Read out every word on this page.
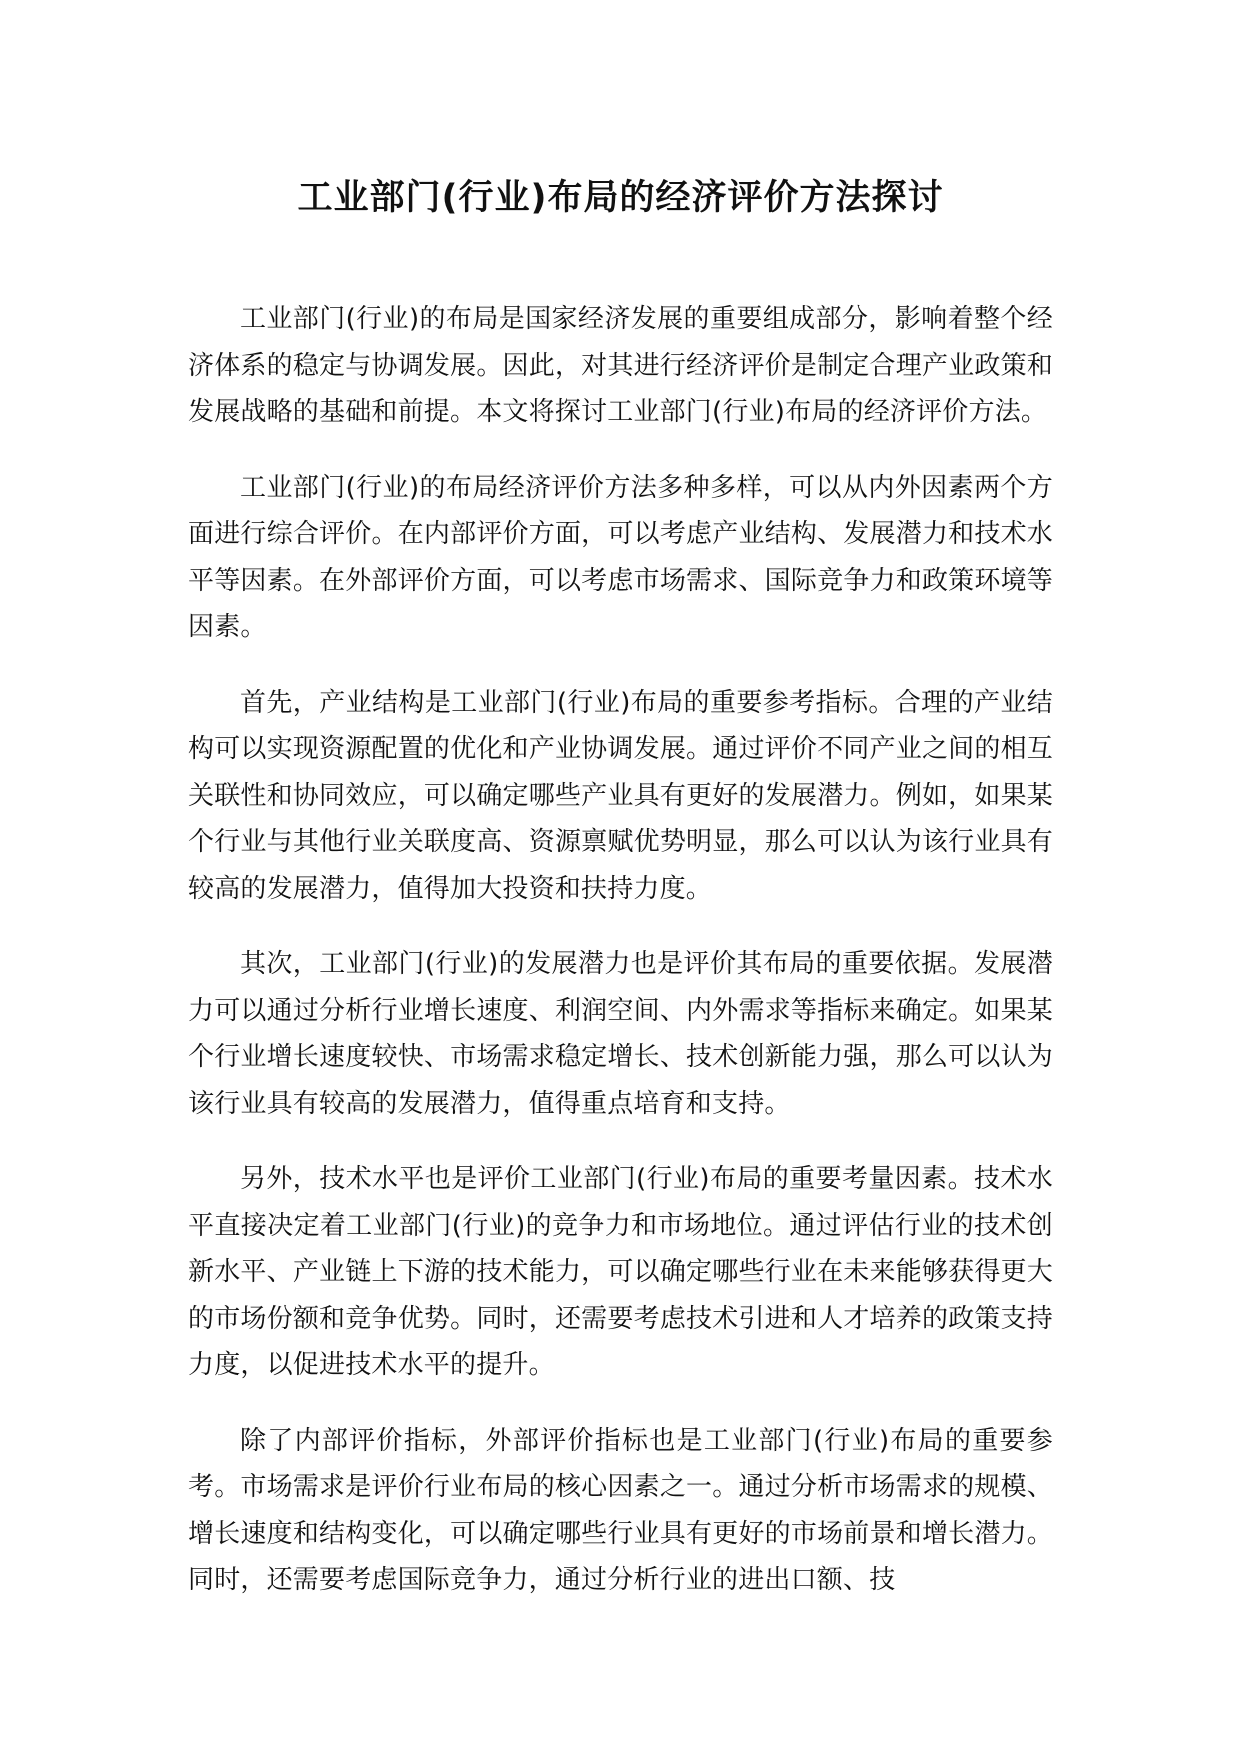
工业部门(行业)布局的经济评价方法探讨

工业部门(行业)的布局是国家经济发展的重要组成部分，影响着整个经济体系的稳定与协调发展。因此，对其进行经济评价是制定合理产业政策和发展战略的基础和前提。本文将探讨工业部门(行业)布局的经济评价方法。

工业部门(行业)的布局经济评价方法多种多样，可以从内外因素两个方面进行综合评价。在内部评价方面，可以考虑产业结构、发展潜力和技术水平等因素。在外部评价方面，可以考虑市场需求、国际竞争力和政策环境等因素。

首先，产业结构是工业部门(行业)布局的重要参考指标。合理的产业结构可以实现资源配置的优化和产业协调发展。通过评价不同产业之间的相互关联性和协同效应，可以确定哪些产业具有更好的发展潜力。例如，如果某个行业与其他行业关联度高、资源禀赋优势明显，那么可以认为该行业具有较高的发展潜力，值得加大投资和扶持力度。

其次，工业部门(行业)的发展潜力也是评价其布局的重要依据。发展潜力可以通过分析行业增长速度、利润空间、内外需求等指标来确定。如果某个行业增长速度较快、市场需求稳定增长、技术创新能力强，那么可以认为该行业具有较高的发展潜力，值得重点培育和支持。

另外，技术水平也是评价工业部门(行业)布局的重要考量因素。技术水平直接决定着工业部门(行业)的竞争力和市场地位。通过评估行业的技术创新水平、产业链上下游的技术能力，可以确定哪些行业在未来能够获得更大的市场份额和竞争优势。同时，还需要考虑技术引进和人才培养的政策支持力度，以促进技术水平的提升。

除了内部评价指标，外部评价指标也是工业部门(行业)布局的重要参考。市场需求是评价行业布局的核心因素之一。通过分析市场需求的规模、增长速度和结构变化，可以确定哪些行业具有更好的市场前景和增长潜力。同时，还需要考虑国际竞争力，通过分析行业的进出口额、技
